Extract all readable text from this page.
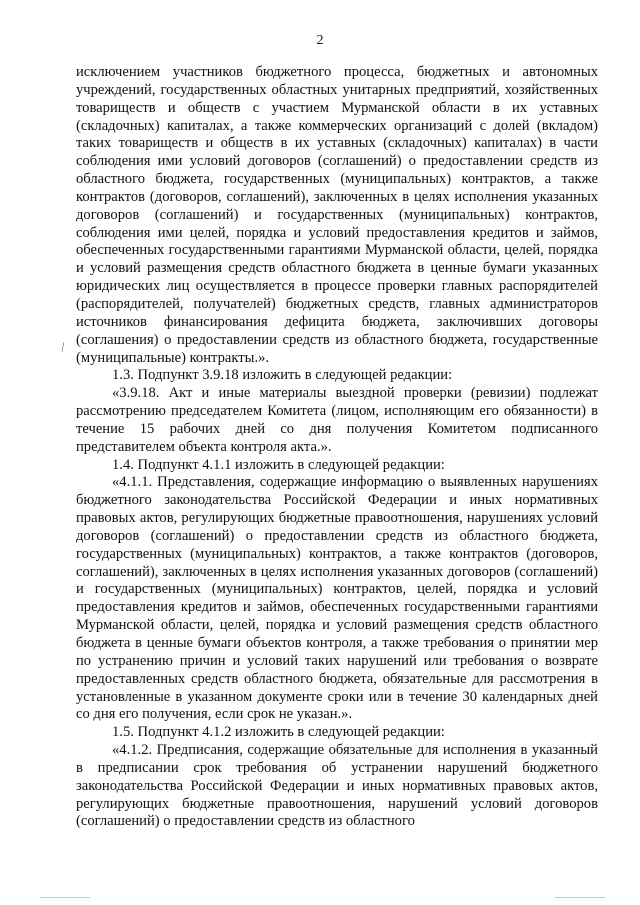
2
⁄

исключением участников бюджетного процесса, бюджетных и автономных учреждений, государственных областных унитарных предприятий, хозяйственных товариществ и обществ с участием Мурманской области в их уставных (складочных) капиталах, а также коммерческих организаций с долей (вкладом) таких товариществ и обществ в их уставных (складочных) капиталах) в части соблюдения ими условий договоров (соглашений) о предоставлении средств из областного бюджета, государственных (муниципальных) контрактов, а также контрактов (договоров, соглашений), заключенных в целях исполнения указанных договоров (соглашений) и государственных (муниципальных) контрактов, соблюдения ими целей, порядка и условий предоставления кредитов и займов, обеспеченных государственными гарантиями Мурманской области, целей, порядка и условий размещения средств областного бюджета в ценные бумаги указанных юридических лиц осуществляется в процессе проверки главных распорядителей (распорядителей, получателей) бюджетных средств, главных администраторов источников финансирования дефицита бюджета, заключивших договоры (соглашения) о предоставлении средств из областного бюджета, государственные (муниципальные) контракты.».

1.3. Подпункт 3.9.18 изложить в следующей редакции:

«3.9.18. Акт и иные материалы выездной проверки (ревизии) подлежат рассмотрению председателем Комитета (лицом, исполняющим его обязанности) в течение 15 рабочих дней со дня получения Комитетом подписанного представителем объекта контроля акта.».

1.4. Подпункт 4.1.1 изложить в следующей редакции:

«4.1.1. Представления, содержащие информацию о выявленных нарушениях бюджетного законодательства Российской Федерации и иных нормативных правовых актов, регулирующих бюджетные правоотношения, нарушениях условий договоров (соглашений) о предоставлении средств из областного бюджета, государственных (муниципальных) контрактов, а также контрактов (договоров, соглашений), заключенных в целях исполнения указанных договоров (соглашений) и государственных (муниципальных) контрактов, целей, порядка и условий предоставления кредитов и займов, обеспеченных государственными гарантиями Мурманской области, целей, порядка и условий размещения средств областного бюджета в ценные бумаги объектов контроля, а также требования о принятии мер по устранению причин и условий таких нарушений или требования о возврате предоставленных средств областного бюджета, обязательные для рассмотрения в установленные в указанном документе сроки или в течение 30 календарных дней со дня его получения, если срок не указан.».

1.5. Подпункт 4.1.2 изложить в следующей редакции:

«4.1.2. Предписания, содержащие обязательные для исполнения в указанный в предписании срок требования об устранении нарушений бюджетного законодательства Российской Федерации и иных нормативных правовых актов, регулирующих бюджетные правоотношения, нарушений условий договоров (соглашений) о предоставлении средств из областного
